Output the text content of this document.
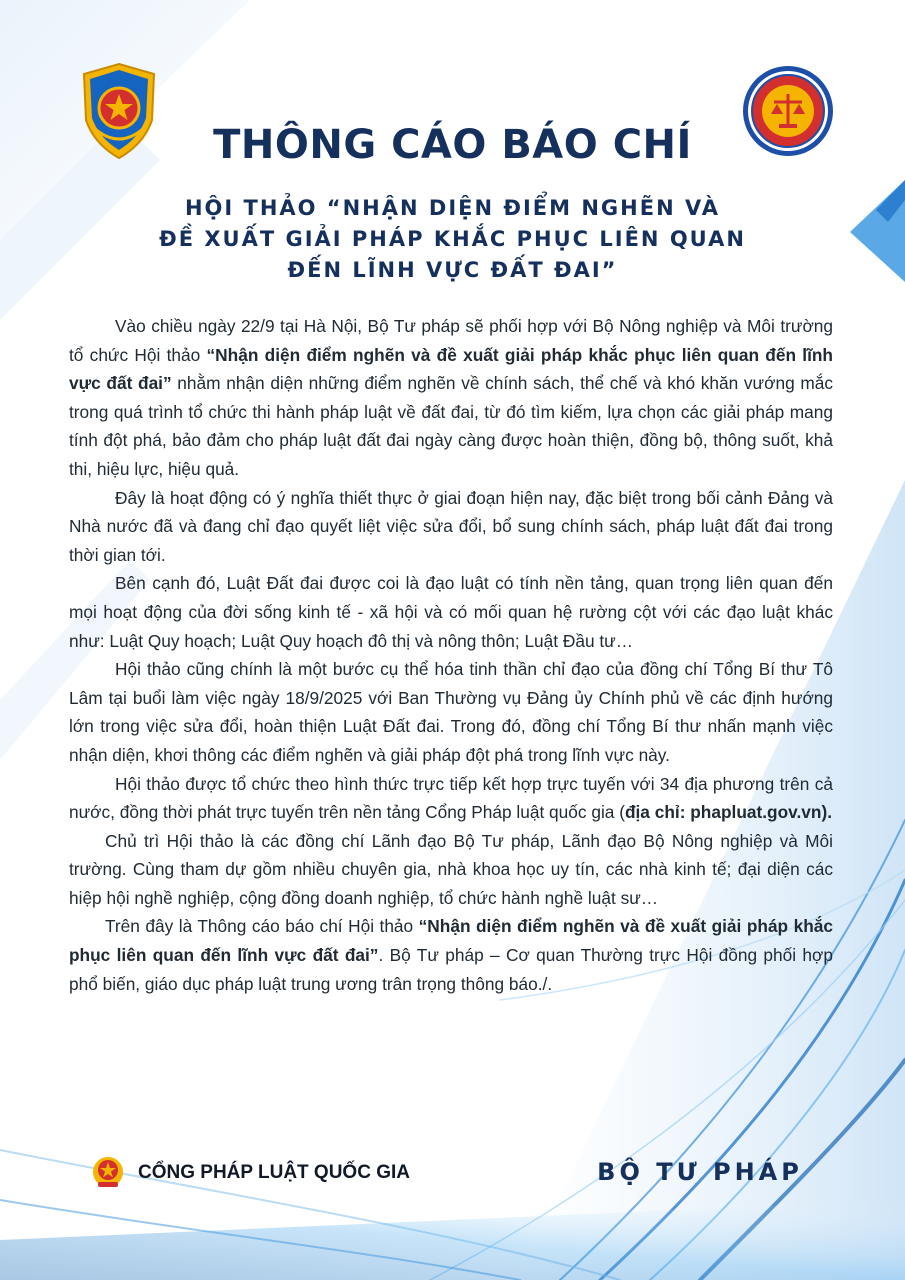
THÔNG CÁO BÁO CHÍ
HỘI THẢO “NHẬN DIỆN ĐIỂM NGHẼN VÀ
ĐỀ XUẤT GIẢI PHÁP KHẮC PHỤC LIÊN QUAN
ĐẾN LĨNH VỰC ĐẤT ĐAI”

Vào chiều ngày 22/9 tại Hà Nội, Bộ Tư pháp sẽ phối hợp với Bộ Nông nghiệp và Môi trường tổ chức Hội thảo “Nhận diện điểm nghẽn và đề xuất giải pháp khắc phục liên quan đến lĩnh vực đất đai” nhằm nhận diện những điểm nghẽn về chính sách, thể chế và khó khăn vướng mắc trong quá trình tổ chức thi hành pháp luật về đất đai, từ đó tìm kiếm, lựa chọn các giải pháp mang tính đột phá, bảo đảm cho pháp luật đất đai ngày càng được hoàn thiện, đồng bộ, thông suốt, khả thi, hiệu lực, hiệu quả.

Đây là hoạt động có ý nghĩa thiết thực ở giai đoạn hiện nay, đặc biệt trong bối cảnh Đảng và Nhà nước đã và đang chỉ đạo quyết liệt việc sửa đổi, bổ sung chính sách, pháp luật đất đai trong thời gian tới.

Bên cạnh đó, Luật Đất đai được coi là đạo luật có tính nền tảng, quan trọng liên quan đến mọi hoạt động của đời sống kinh tế - xã hội và có mối quan hệ rường cột với các đạo luật khác như: Luật Quy hoạch; Luật Quy hoạch đô thị và nông thôn; Luật Đầu tư…

Hội thảo cũng chính là một bước cụ thể hóa tinh thần chỉ đạo của đồng chí Tổng Bí thư Tô Lâm tại buổi làm việc ngày 18/9/2025 với Ban Thường vụ Đảng ủy Chính phủ về các định hướng lớn trong việc sửa đổi, hoàn thiện Luật Đất đai. Trong đó, đồng chí Tổng Bí thư nhấn mạnh việc nhận diện, khơi thông các điểm nghẽn và giải pháp đột phá trong lĩnh vực này.

Hội thảo được tổ chức theo hình thức trực tiếp kết hợp trực tuyến với 34 địa phương trên cả nước, đồng thời phát trực tuyến trên nền tảng Cổng Pháp luật quốc gia (địa chỉ: phapluat.gov.vn).

Chủ trì Hội thảo là các đồng chí Lãnh đạo Bộ Tư pháp, Lãnh đạo Bộ Nông nghiệp và Môi trường. Cùng tham dự gồm nhiều chuyên gia, nhà khoa học uy tín, các nhà kinh tế; đại diện các hiệp hội nghề nghiệp, cộng đồng doanh nghiệp, tổ chức hành nghề luật sư…

Trên đây là Thông cáo báo chí Hội thảo “Nhận diện điểm nghẽn và đề xuất giải pháp khắc phục liên quan đến lĩnh vực đất đai”. Bộ Tư pháp – Cơ quan Thường trực Hội đồng phối hợp phổ biến, giáo dục pháp luật trung ương trân trọng thông báo./.

CỔNG PHÁP LUẬT QUỐC GIA	BỘ TƯ PHÁP
